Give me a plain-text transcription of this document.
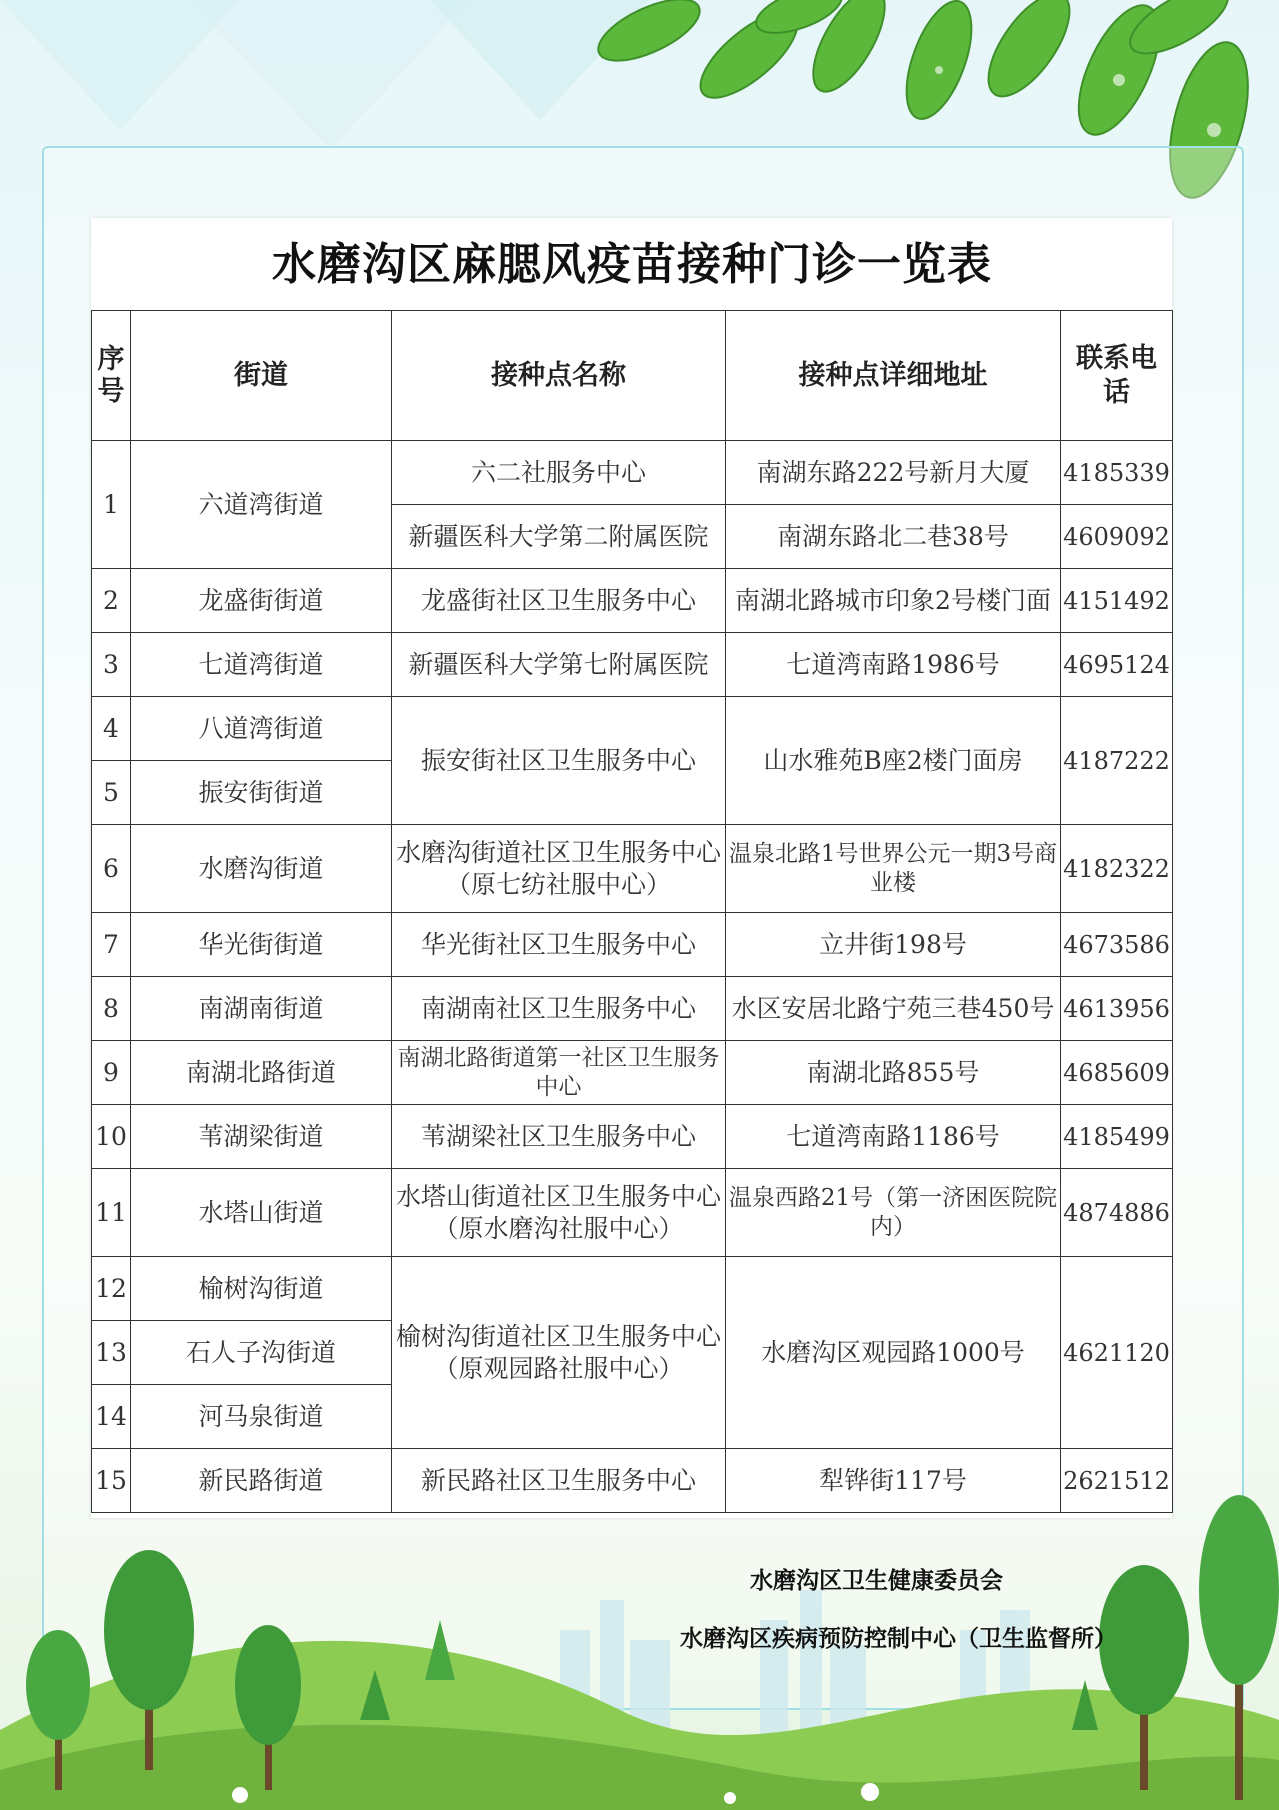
水磨沟区麻腮风疫苗接种门诊一览表				
序号	街道	接种点名称	接种点详细地址	联系电话
1	六道湾街道	六二社服务中心	南湖东路222号新月大厦	4185339
		新疆医科大学第二附属医院	南湖东路北二巷38号	4609092
2	龙盛街街道	龙盛街社区卫生服务中心	南湖北路城市印象2号楼门面	4151492
3	七道湾街道	新疆医科大学第七附属医院	七道湾南路1986号	4695124
4	八道湾街道	振安街社区卫生服务中心	山水雅苑B座2楼门面房	4187222
5	振安街街道			
6	水磨沟街道	水磨沟街道社区卫生服务中心（原七纺社服中心）	温泉北路1号世界公元一期3号商业楼	4182322
7	华光街街道	华光街社区卫生服务中心	立井街198号	4673586
8	南湖南街道	南湖南社区卫生服务中心	水区安居北路宁苑三巷450号	4613956
9	南湖北路街道	南湖北路街道第一社区卫生服务中心	南湖北路855号	4685609
10	苇湖梁街道	苇湖梁社区卫生服务中心	七道湾南路1186号	4185499
11	水塔山街道	水塔山街道社区卫生服务中心（原水磨沟社服中心）	温泉西路21号（第一济困医院院内）	4874886
12	榆树沟街道	榆树沟街道社区卫生服务中心（原观园路社服中心）	水磨沟区观园路1000号	4621120
13	石人子沟街道			
14	河马泉街道			
15	新民路街道	新民路社区卫生服务中心	犁铧街117号	2621512
水磨沟区卫生健康委员会
水磨沟区疾病预防控制中心（卫生监督所）
